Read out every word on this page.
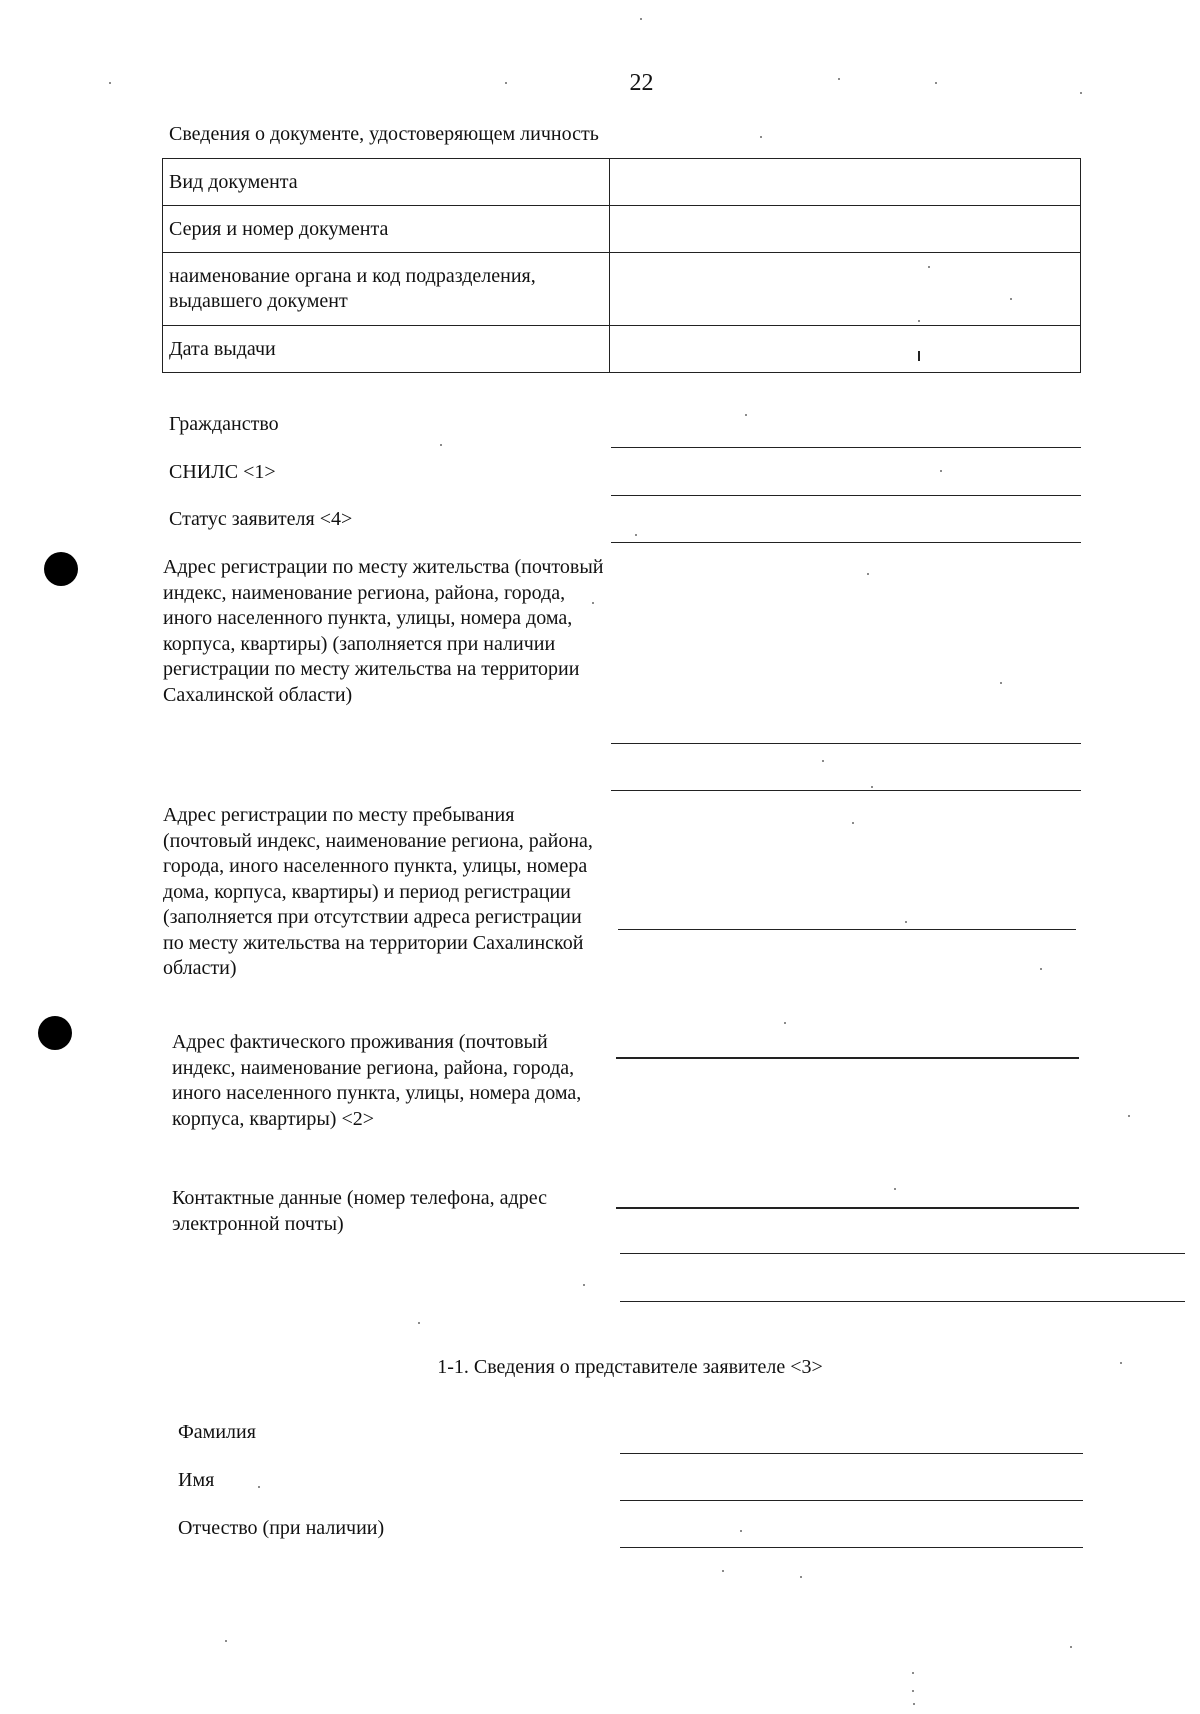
22
Сведения о документе, удостоверяющем личность
Вид документа	
Серия и номер документа	
наименование органа и код подразделения, выдавшего документ	
Дата выдачи	
Гражданство
СНИЛС <1>
Статус заявителя <4>
Адрес регистрации по месту жительства (почтовый индекс, наименование региона, района, города, иного населенного пункта, улицы, номера дома, корпуса, квартиры) (заполняется при наличии регистрации по месту жительства на территории Сахалинской области)
Адрес регистрации по месту пребывания (почтовый индекс, наименование региона, района, города, иного населенного пункта, улицы, номера дома, корпуса, квартиры) и период регистрации (заполняется при отсутствии адреса регистрации по месту жительства на территории Сахалинской области)
Адрес фактического проживания (почтовый индекс, наименование региона, района, города, иного населенного пункта, улицы, номера дома, корпуса, квартиры) <2>
Контактные данные (номер телефона, адрес электронной почты)
1-1. Сведения о представителе заявителе <3>
Фамилия
Имя
Отчество (при наличии)
